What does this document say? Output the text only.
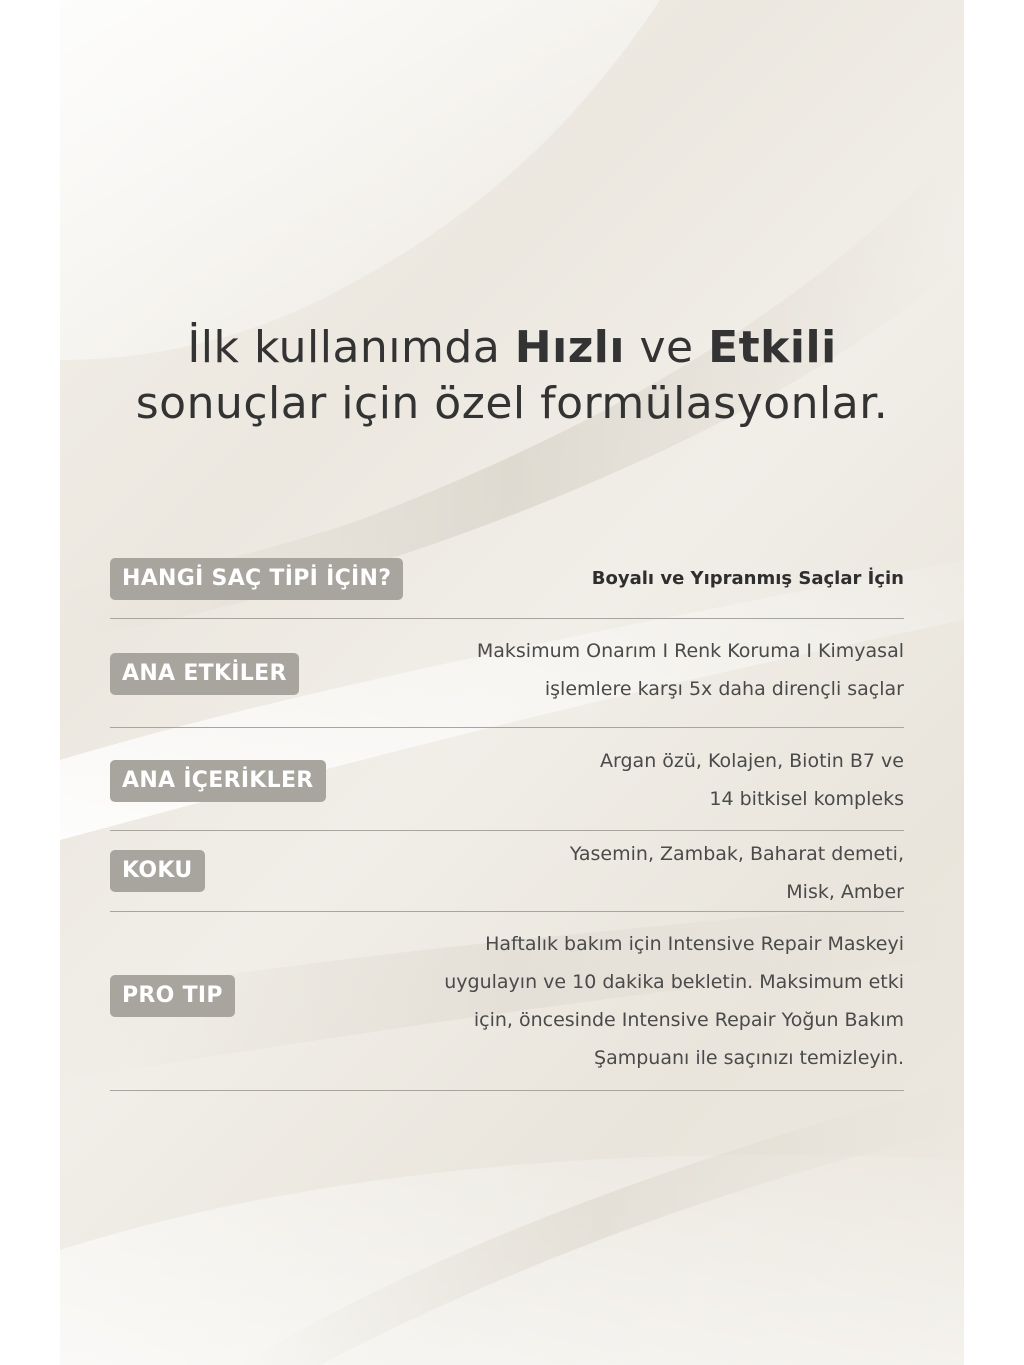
İlk kullanımda Hızlı ve Etkili
sonuçlar için özel formülasyonlar.
HANGİ SAÇ TİPİ İÇİN?	Boyalı ve Yıpranmış Saçlar İçin
ANA ETKİLER
Maksimum Onarım I Renk Koruma I Kimyasal
işlemlere karşı 5x daha dirençli saçlar
ANA İÇERİKLER
Argan özü, Kolajen, Biotin B7 ve
14 bitkisel kompleks
KOKU
Yasemin, Zambak, Baharat demeti,
Misk, Amber
PRO TIP
Haftalık bakım için Intensive Repair Maskeyi
uygulayın ve 10 dakika bekletin. Maksimum etki
için, öncesinde Intensive Repair Yoğun Bakım
Şampuanı ile saçınızı temizleyin.
